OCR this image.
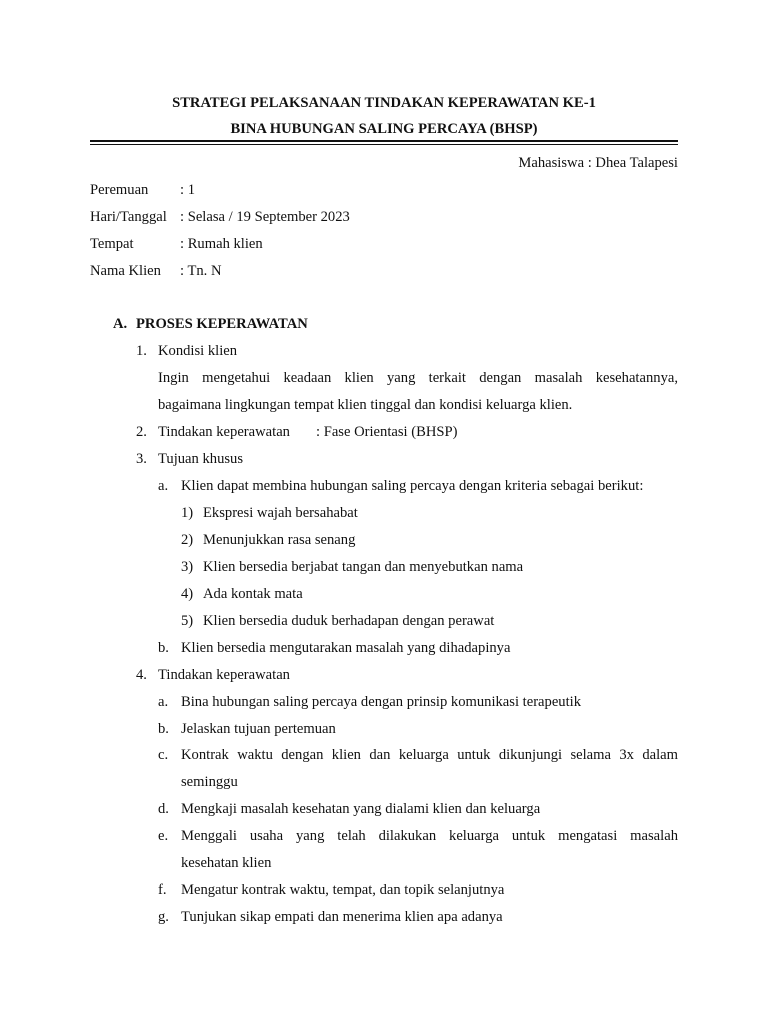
STRATEGI PELAKSANAAN TINDAKAN KEPERAWATAN KE-1
BINA HUBUNGAN SALING PERCAYA (BHSP)
Mahasiswa : Dhea Talapesi
Peremuan : 1
Hari/Tanggal : Selasa / 19 September 2023
Tempat	: Rumah klien
Nama Klien : Tn. N
A. PROSES KEPERAWATAN
1. Kondisi klien
Ingin mengetahui keadaan klien yang terkait dengan masalah kesehatannya,
bagaimana lingkungan tempat klien tinggal dan kondisi keluarga klien.
2. Tindakan keperawatan : Fase Orientasi (BHSP)
3. Tujuan khusus
a. Klien dapat membina hubungan saling percaya dengan kriteria sebagai berikut:
1) Ekspresi wajah bersahabat
2) Menunjukkan rasa senang
3) Klien bersedia berjabat tangan dan menyebutkan nama
4) Ada kontak mata
5) Klien bersedia duduk berhadapan dengan perawat
b. Klien bersedia mengutarakan masalah yang dihadapinya
4. Tindakan keperawatan
a. Bina hubungan saling percaya dengan prinsip komunikasi terapeutik
b. Jelaskan tujuan pertemuan
c. Kontrak waktu dengan klien dan keluarga untuk dikunjungi selama 3x dalam
seminggu
d. Mengkaji masalah kesehatan yang dialami klien dan keluarga
e. Menggali usaha yang telah dilakukan keluarga untuk mengatasi masalah
kesehatan klien
f. Mengatur kontrak waktu, tempat, dan topik selanjutnya
g. Tunjukan sikap empati dan menerima klien apa adanya
